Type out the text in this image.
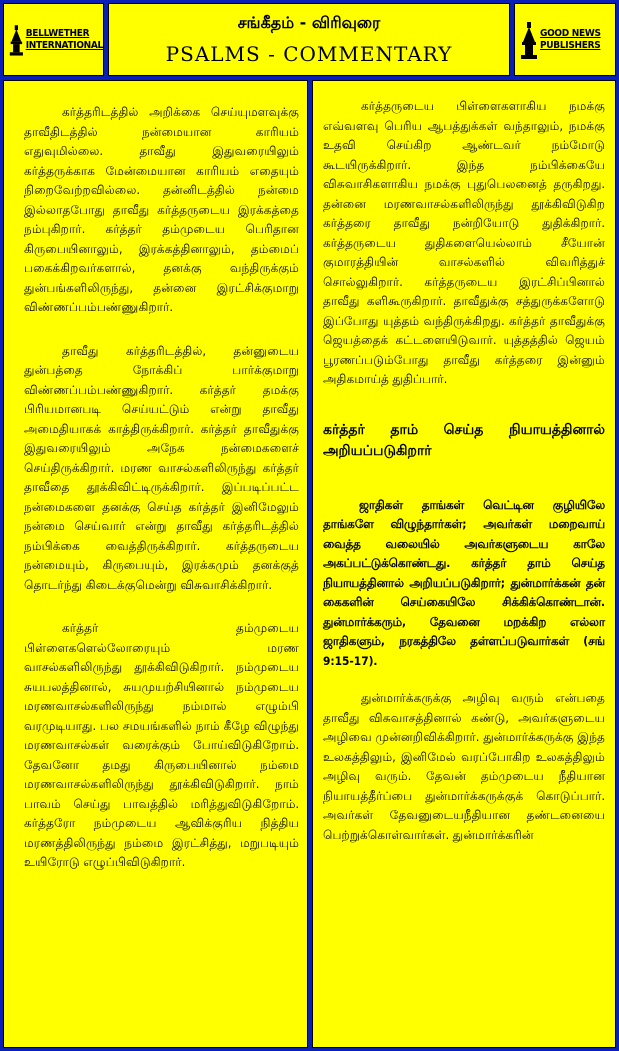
BELLWETHER
INTERNATIONAL
சங்கீதம் - விரிவுரை
PSALMS - COMMENTARY
GOOD NEWS
PUBLISHERS

கர்த்தரிடத்தில் அறிக்கை செய்யுமளவுக்கு தாவீதிடத்தில் நன்மையான காரியம் எதுவுமில்லை. தாவீது இதுவரையிலும் கர்த்தருக்காக மேன்மையான காரியம் எதையும் நிறைவேற்றவில்லை. தன்னிடத்தில் நன்மை இல்லாதபோது தாவீது கர்த்தருடைய இரக்கத்தை நம்புகிறார். கர்த்தர் தம்முடைய பெரிதான கிருபையினாலும், இரக்கத்தினாலும், தம்மைப் பகைக்கிறவர்களால், தனக்கு வந்திருக்கும் துன்பங்களிலிருந்து, தன்னை இரட்சிக்குமாறு விண்ணப்பம்பண்ணுகிறார்.

தாவீது கர்த்தரிடத்தில், தன்னுடைய துன்பத்தை நோக்கிப் பார்க்குமாறு விண்ணப்பம்பண்ணுகிறார். கர்த்தர் தமக்கு பிரியமானபடி செய்யட்டும் என்று தாவீது அமைதியாகக் காத்திருக்கிறார். கர்த்தர் தாவீதுக்கு இதுவரையிலும் அநேக நன்மைகளைச் செய்திருக்கிறார். மரண வாசல்களிலிருந்து கர்த்தர் தாவீதை தூக்கிவிட்டிருக்கிறார். இப்படிப்பட்ட நன்மைகளை தனக்கு செய்த கர்த்தர் இனிமேலும் நன்மை செய்வார் என்று தாவீது கர்த்தரிடத்தில் நம்பிக்கை வைத்திருக்கிறார். கர்த்தருடைய நன்மையும், கிருபையும், இரக்கமும் தனக்குத் தொடர்ந்து கிடைக்குமென்று விசுவாசிக்கிறார்.

கர்த்தர் தம்முடைய பிள்ளைகளெல்லோரையும் மரண வாசல்களிலிருந்து தூக்கிவிடுகிறார். நம்முடைய சுயபலத்தினால், சுயமுயற்சியினால் நம்முடைய மரணவாசல்களிலிருந்து நம்மால் எழும்பி வரமுடியாது. பல சமயங்களில் நாம் கீழே விழுந்து மரணவாசல்கள் வரைக்கும் போய்விடுகிறோம். தேவனோ தமது கிருபையினால் நம்மை மரணவாசல்களிலிருந்து தூக்கிவிடுகிறார். நாம் பாவம் செய்து பாவத்தில் மரித்துவிடுகிறோம். கர்த்தரோ நம்முடைய ஆவிக்குரிய நித்திய மரணத்திலிருந்து நம்மை இரட்சித்து, மறுபடியும் உயிரோடு எழுப்பிவிடுகிறார்.

கர்த்தருடைய பிள்ளைகளாகிய நமக்கு எவ்வளவு பெரிய ஆபத்துக்கள் வந்தாலும், நமக்கு உதவி செய்கிற ஆண்டவர் நம்மோடு கூடயிருக்கிறார். இந்த நம்பிக்கையே விசுவாசிகளாகிய நமக்கு புதுபெலனைத் தருகிறது. தன்னை மரணவாசல்களிலிருந்து தூக்கிவிடுகிற கர்த்தரை தாவீது நன்றியோடு துதிக்கிறார். கர்த்தருடைய துதிகளையெல்லாம் சீயோன் குமாரத்தியின் வாசல்களில் விவரித்துச் சொல்லுகிறார். கர்த்தருடைய இரட்சிப்பினால் தாவீது களிகூருகிறார். தாவீதுக்கு சத்துருக்களோடு இப்போது யுத்தம் வந்திருக்கிறது. கர்த்தர் தாவீதுக்கு ஜெயத்தைக் கட்டளையிடுவார். யுத்தத்தில் ஜெயம் பூரணப்படும்போது தாவீது கர்த்தரை இன்னும் அதிகமாய்த் துதிப்பார்.

கர்த்தர் தாம் செய்த நியாயத்தினால் அறியப்படுகிறார்

ஜாதிகள் தாங்கள் வெட்டின குழியிலே தாங்களே விழுந்தார்கள்; அவர்கள் மறைவாய் வைத்த வலையில் அவர்களுடைய காலே அகப்பட்டுக்கொண்டது. கர்த்தர் தாம் செய்த நியாயத்தினால் அறியப்படுகிறார்; துன்மார்க்கன் தன் கைகளின் செய்கையிலே சிக்கிக்கொண்டான். துன்மார்க்கரும், தேவனை மறக்கிற எல்லா ஜாதிகளும், நரகத்திலே தள்ளப்படுவார்கள் (சங் 9:15-17).

துன்மார்க்கருக்கு அழிவு வரும் என்பதை தாவீது விசுவாசத்தினால் கண்டு, அவர்களுடைய அழிவை முன்னறிவிக்கிறார். துன்மார்க்கருக்கு இந்த உலகத்திலும், இனிமேல் வரப்போகிற உலகத்திலும் அழிவு வரும். தேவன் தம்முடைய நீதியான நியாயத்தீர்ப்பை துன்மார்க்கருக்குக் கொடுப்பார். அவர்கள் தேவனுடையநீதியான தண்டனையை பெற்றுக்கொள்வார்கள். துன்மார்க்கரின்
